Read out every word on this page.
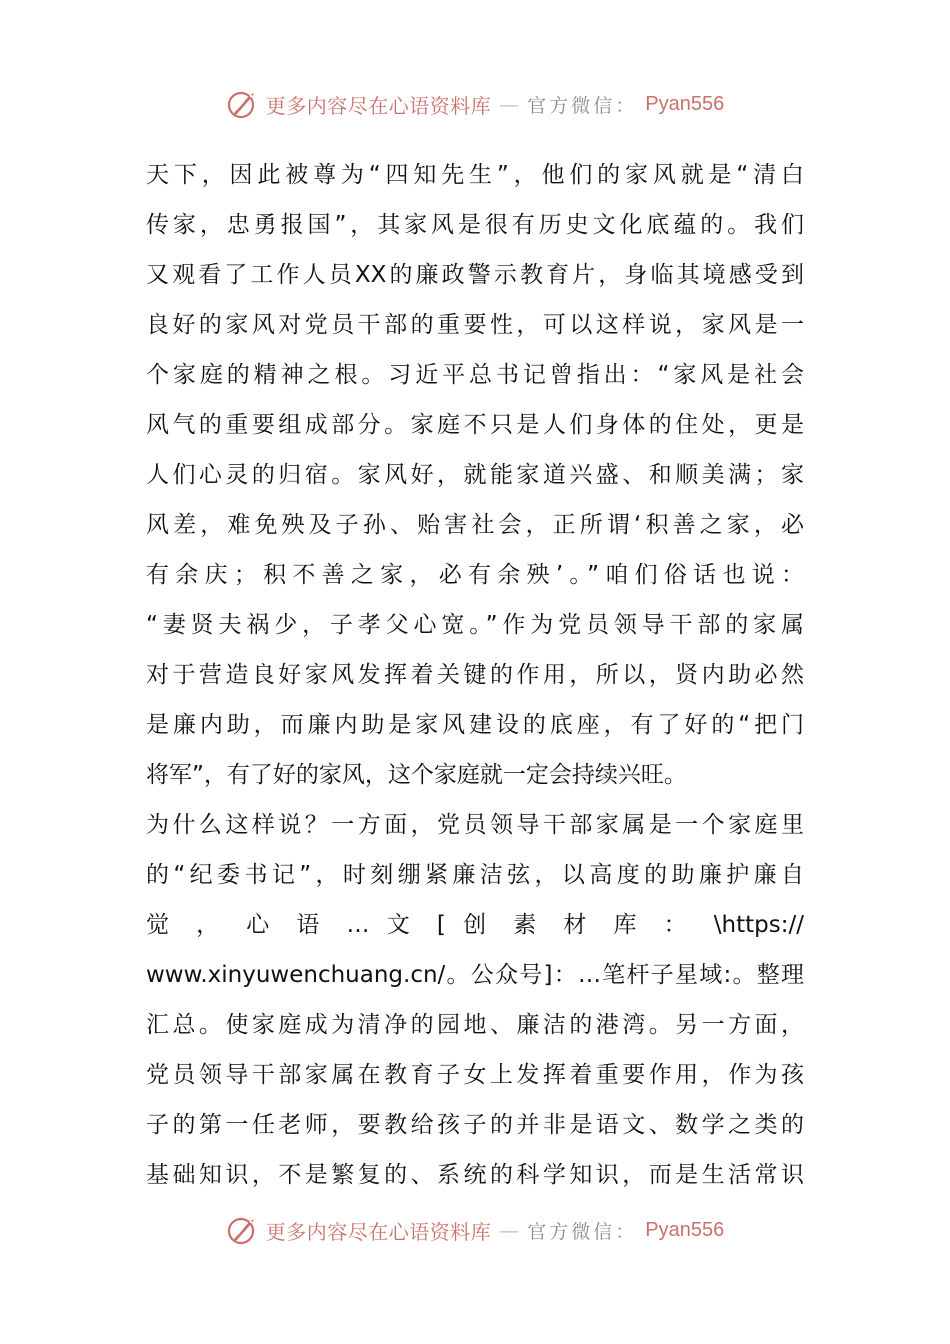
更多内容尽在心语资料库 — 官方微信： Pyan556
天下，因此被尊为“四知先生”，他们的家风就是“清白
传家，忠勇报国”，其家风是很有历史文化底蕴的。我们
又观看了工作人员XX的廉政警示教育片，身临其境感受到
良好的家风对党员干部的重要性，可以这样说，家风是一
个家庭的精神之根。习近平总书记曾指出：“家风是社会
风气的重要组成部分。家庭不只是人们身体的住处，更是
人们心灵的归宿。家风好，就能家道兴盛、和顺美满；家
风差，难免殃及子孙、贻害社会，正所谓‘积善之家，必
有余庆；积不善之家，必有余殃’。”咱们俗话也说：
“妻贤夫祸少，子孝父心宽。”作为党员领导干部的家属
对于营造良好家风发挥着关键的作用，所以，贤内助必然
是廉内助，而廉内助是家风建设的底座，有了好的“把门
将军”，有了好的家风，这个家庭就一定会持续兴旺。
为什么这样说？一方面，党员领导干部家属是一个家庭里
的“纪委书记”，时刻绷紧廉洁弦，以高度的助廉护廉自
觉 ， 心 语 … 文 [ 创 素 材 库 ： \https://
www.xinyuwenchuang.cn/。公众号]：…笔杆子星域:。整理
汇总。使家庭成为清净的园地、廉洁的港湾。另一方面，
党员领导干部家属在教育子女上发挥着重要作用，作为孩
子的第一任老师，要教给孩子的并非是语文、数学之类的
基础知识，不是繁复的、系统的科学知识，而是生活常识
更多内容尽在心语资料库 — 官方微信： Pyan556
